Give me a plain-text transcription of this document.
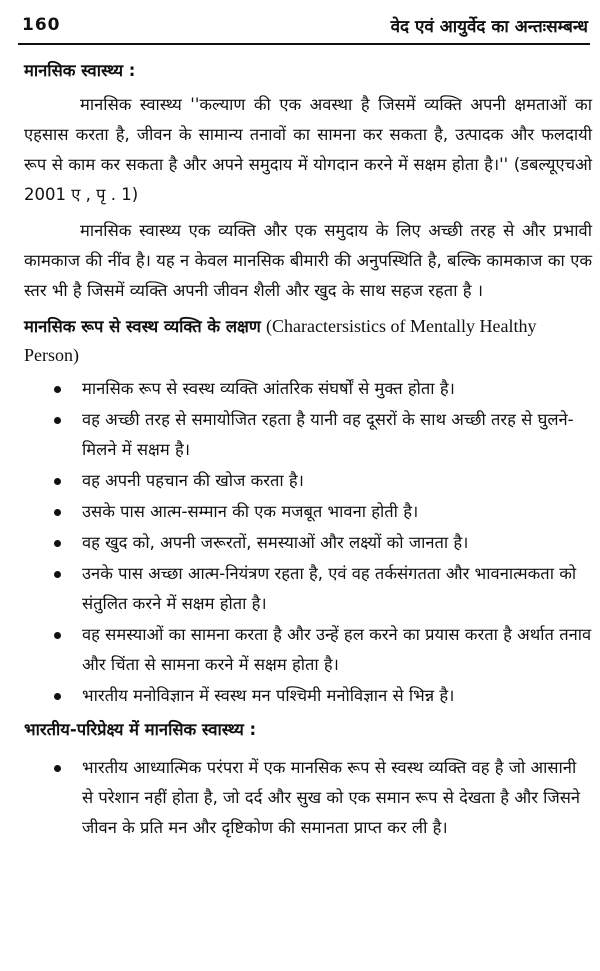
160	वेद एवं आयुर्वेद का अन्तःसम्बन्ध

मानसिक स्वास्थ्य :

मानसिक स्वास्थ्य ''कल्याण की एक अवस्था है जिसमें व्यक्ति अपनी क्षमताओं का एहसास करता है, जीवन के सामान्य तनावों का सामना कर सकता है, उत्पादक और फलदायी रूप से काम कर सकता है और अपने समुदाय में योगदान करने में सक्षम होता है।'' (डबल्यूएचओ 2001 ए , पृ . 1)

मानसिक स्वास्थ्य एक व्यक्ति और एक समुदाय के लिए अच्छी तरह से और प्रभावी कामकाज की नींव है। यह न केवल मानसिक बीमारी की अनुपस्थिति है, बल्कि कामकाज का एक स्तर भी है जिसमें व्यक्ति अपनी जीवन शैली और खुद के साथ सहज रहता है ।

मानसिक रूप से स्वस्थ व्यक्ति के लक्षण (Charactersistics of Mentally Healthy Person)

मानसिक रूप से स्वस्थ व्यक्ति आंतरिक संघर्षों से मुक्त होता है।
वह अच्छी तरह से समायोजित रहता है यानी वह दूसरों के साथ अच्छी तरह से घुलने-मिलने में सक्षम है।
वह अपनी पहचान की खोज करता है।
उसके पास आत्म-सम्मान की एक मजबूत भावना होती है।
वह खुद को, अपनी जरूरतों, समस्याओं और लक्ष्यों को जानता है।
उनके पास अच्छा आत्म-नियंत्रण रहता है, एवं वह तर्कसंगतता और भावनात्मकता को संतुलित करने में सक्षम होता है।
वह समस्याओं का सामना करता है और उन्हें हल करने का प्रयास करता है अर्थात तनाव और चिंता से सामना करने में सक्षम होता है।
भारतीय मनोविज्ञान में स्वस्थ मन पश्चिमी मनोविज्ञान से भिन्न है।

भारतीय-परिप्रेक्ष्य में मानसिक स्वास्थ्य :

भारतीय आध्यात्मिक परंपरा में एक मानसिक रूप से स्वस्थ व्यक्ति वह है जो आसानी से परेशान नहीं होता है, जो दर्द और सुख को एक समान रूप से देखता है और जिसने जीवन के प्रति मन और दृष्टिकोण की समानता प्राप्त कर ली है।
